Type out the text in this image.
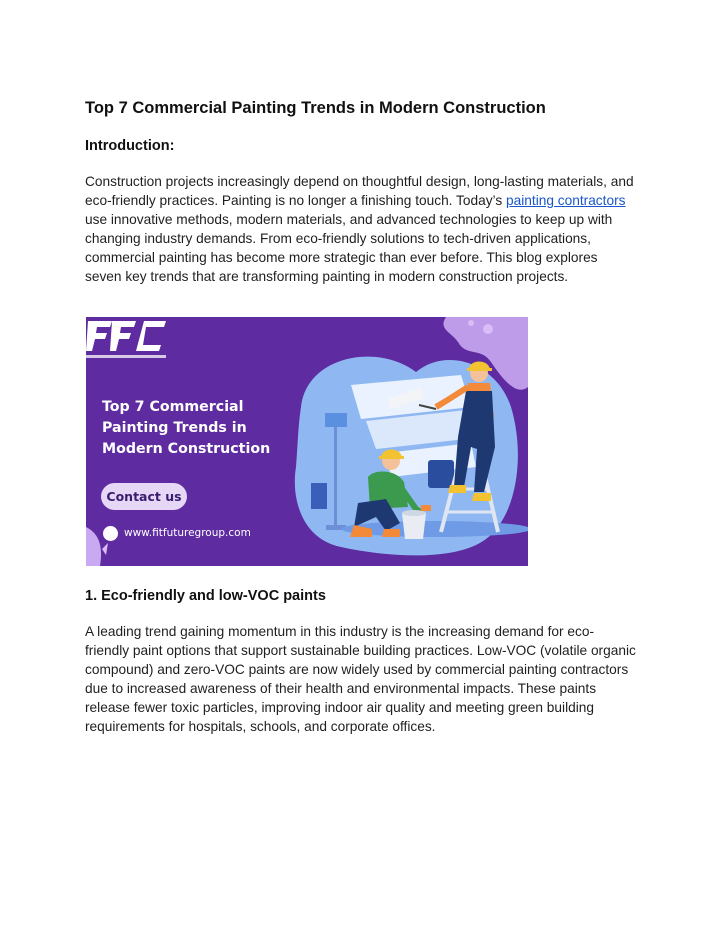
Top 7 Commercial Painting Trends in Modern Construction
Introduction:

Construction projects increasingly depend on thoughtful design, long-lasting materials, and eco-friendly practices. Painting is no longer a finishing touch. Today’s painting contractors use innovative methods, modern materials, and advanced technologies to keep up with changing industry demands. From eco-friendly solutions to tech-driven applications, commercial painting has become more strategic than ever before. This blog explores seven key trends that are transforming painting in modern construction projects.

Top 7 Commercial Painting Trends in Modern Construction
Contact us
www.fitfuturegroup.com
1. Eco-friendly and low-VOC paints

A leading trend gaining momentum in this industry is the increasing demand for eco-friendly paint options that support sustainable building practices. Low-VOC (volatile organic compound) and zero-VOC paints are now widely used by commercial painting contractors due to increased awareness of their health and environmental impacts. These paints release fewer toxic particles, improving indoor air quality and meeting green building requirements for hospitals, schools, and corporate offices.
